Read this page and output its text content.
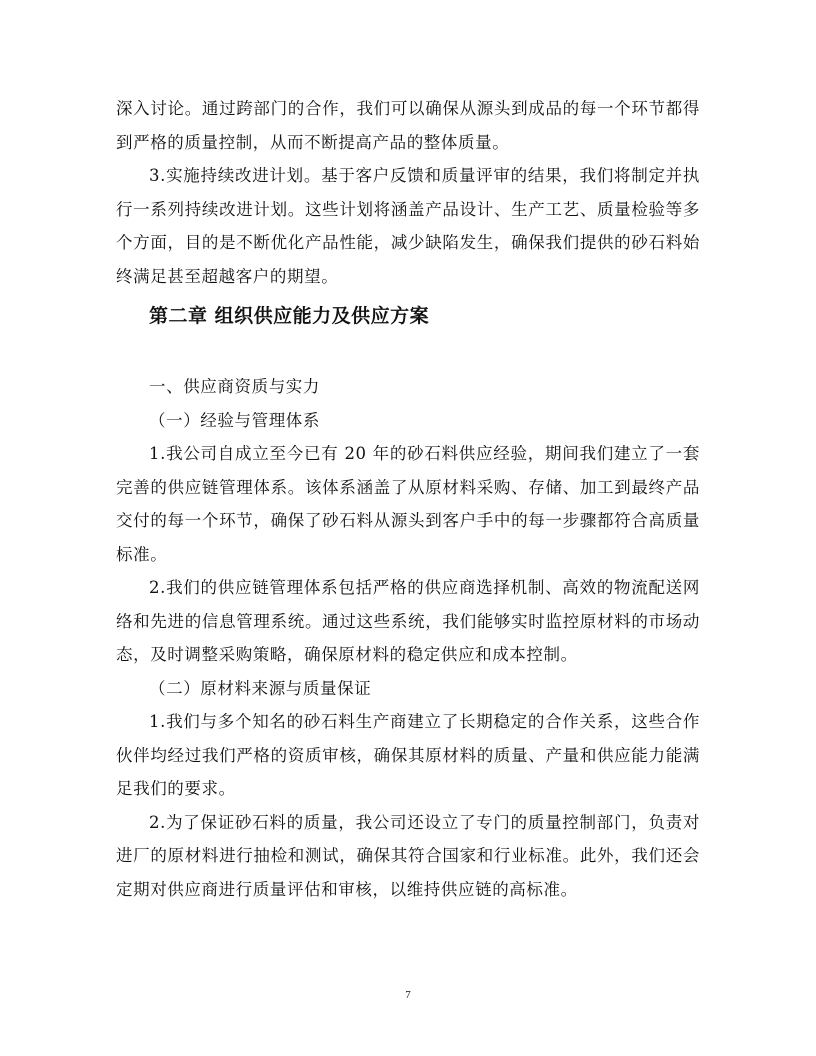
深入讨论。通过跨部门的合作，我们可以确保从源头到成品的每一个环节都得到严格的质量控制，从而不断提高产品的整体质量。

3.实施持续改进计划。基于客户反馈和质量评审的结果，我们将制定并执行一系列持续改进计划。这些计划将涵盖产品设计、生产工艺、质量检验等多个方面，目的是不断优化产品性能，减少缺陷发生，确保我们提供的砂石料始终满足甚至超越客户的期望。

第二章 组织供应能力及供应方案

一、供应商资质与实力

（一）经验与管理体系

1.我公司自成立至今已有 20 年的砂石料供应经验，期间我们建立了一套完善的供应链管理体系。该体系涵盖了从原材料采购、存储、加工到最终产品交付的每一个环节，确保了砂石料从源头到客户手中的每一步骤都符合高质量标准。

2.我们的供应链管理体系包括严格的供应商选择机制、高效的物流配送网络和先进的信息管理系统。通过这些系统，我们能够实时监控原材料的市场动态，及时调整采购策略，确保原材料的稳定供应和成本控制。

（二）原材料来源与质量保证

1.我们与多个知名的砂石料生产商建立了长期稳定的合作关系，这些合作伙伴均经过我们严格的资质审核，确保其原材料的质量、产量和供应能力能满足我们的要求。

2.为了保证砂石料的质量，我公司还设立了专门的质量控制部门，负责对进厂的原材料进行抽检和测试，确保其符合国家和行业标准。此外，我们还会定期对供应商进行质量评估和审核，以维持供应链的高标准。

7
